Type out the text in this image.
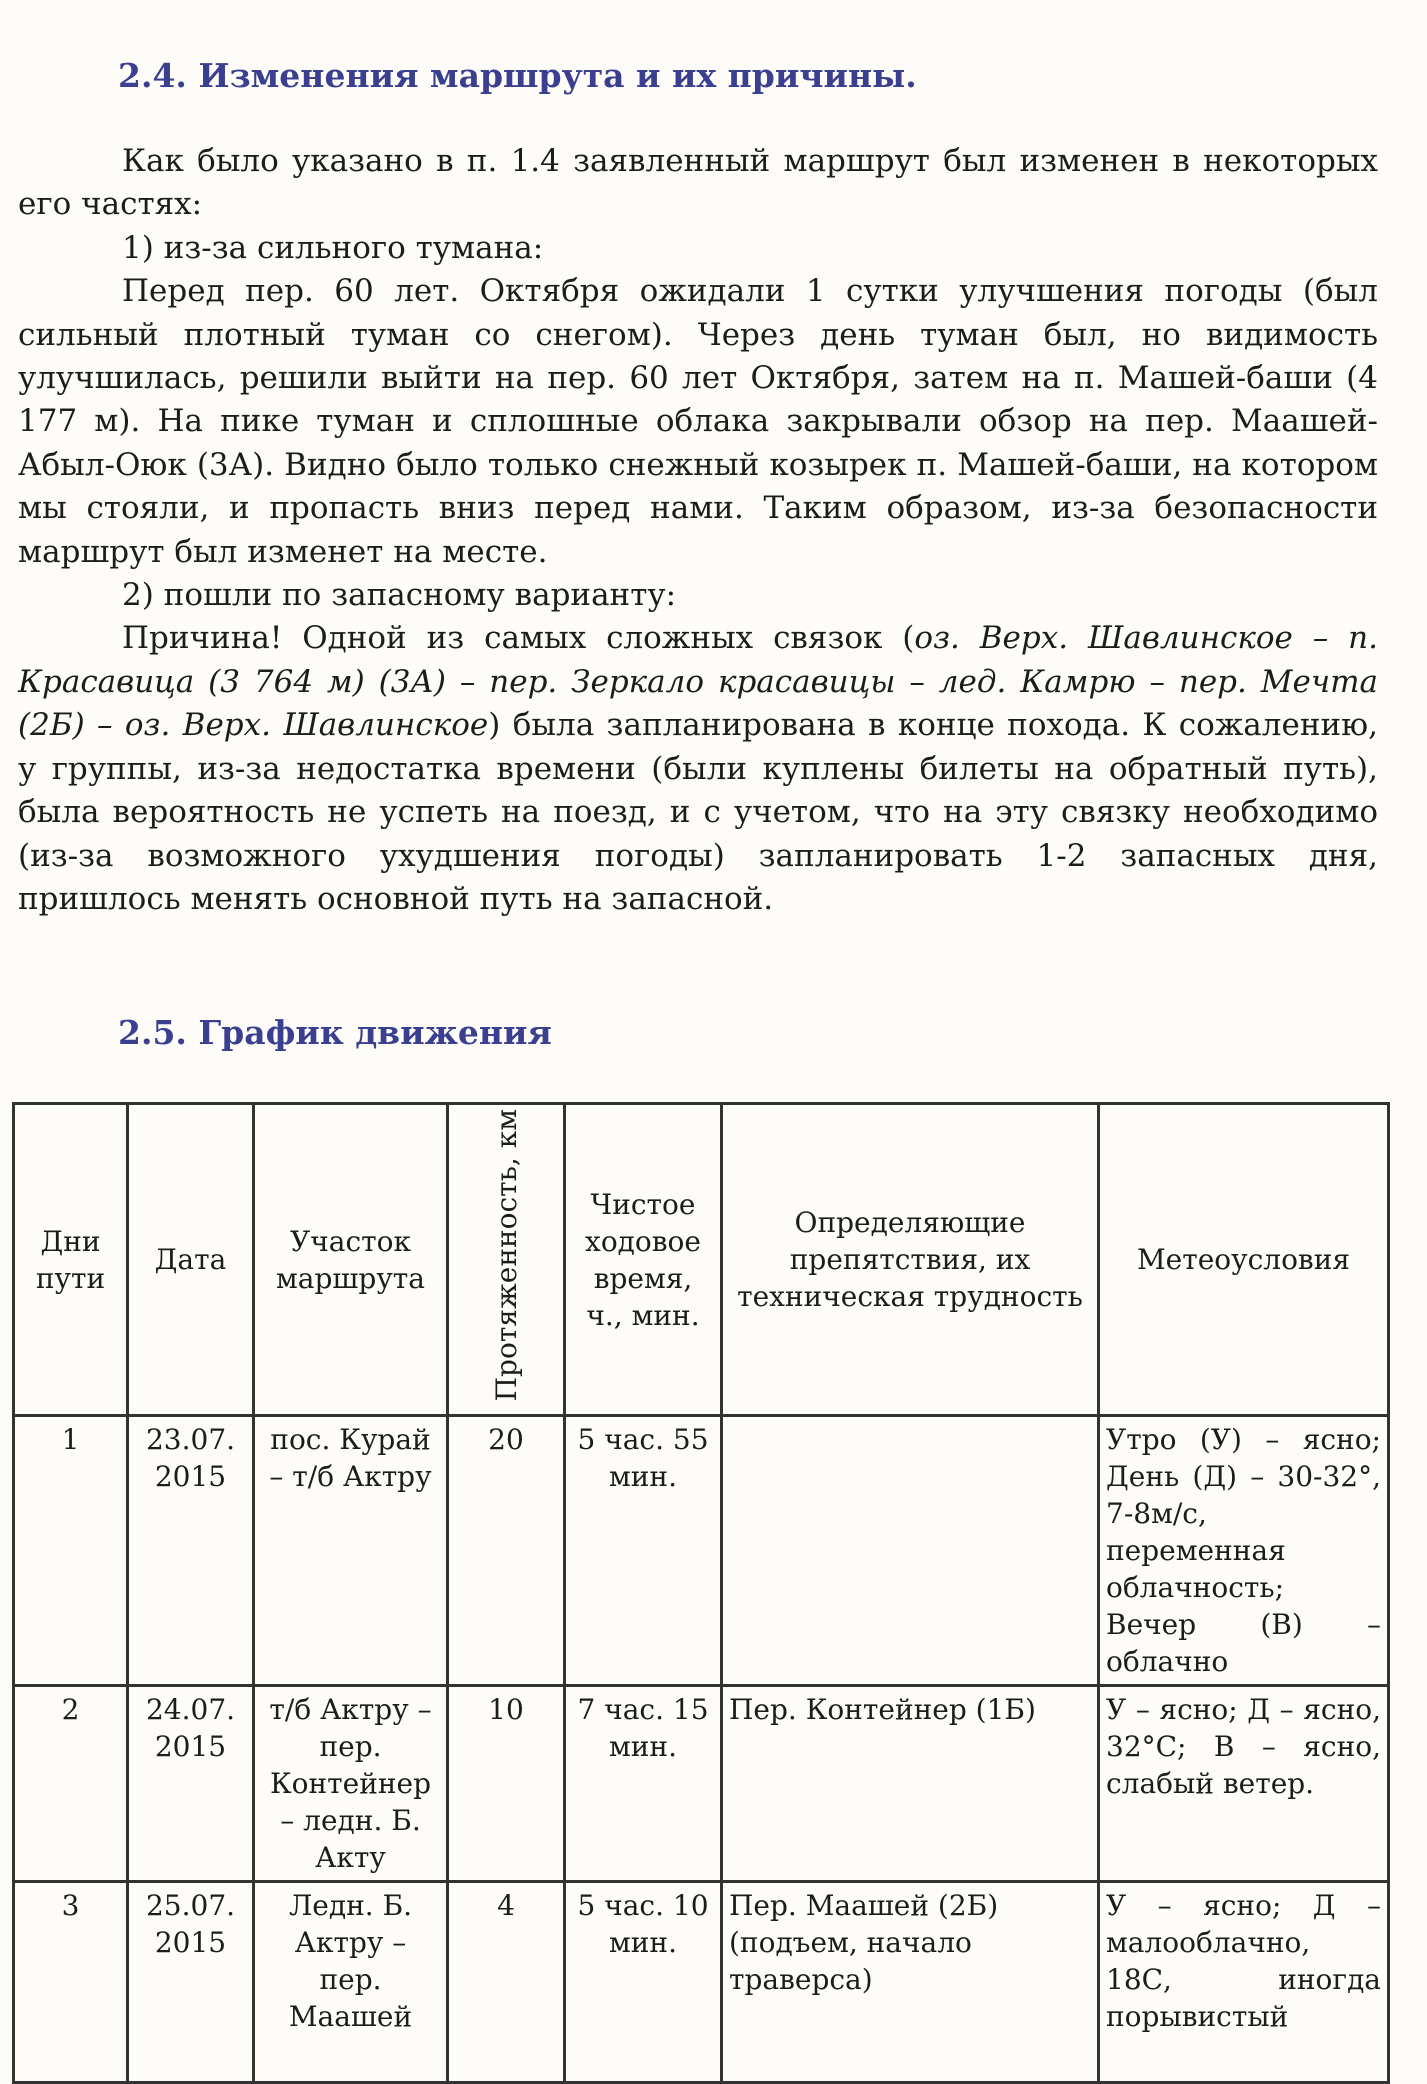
2.4. Изменения маршрута и их причины.

Как было указано в п. 1.4 заявленный маршрут был изменен в некоторых его частях:

1) из-за сильного тумана:

Перед пер. 60 лет. Октября ожидали 1 сутки улучшения погоды (был сильный плотный туман со снегом). Через день туман был, но видимость улучшилась, решили выйти на пер. 60 лет Октября, затем на п. Машей-баши (4 177 м). На пике туман и сплошные облака закрывали обзор на пер. Маашей-Абыл-Оюк (3А). Видно было только снежный козырек п. Машей-баши, на котором мы стояли, и пропасть вниз перед нами. Таким образом, из-за безопасности маршрут был изменет на месте.

2) пошли по запасному варианту:

Причина! Одной из самых сложных связок (оз. Верх. Шавлинское – п. Красавица (3 764 м) (3А) – пер. Зеркало красавицы – лед. Камрю – пер. Мечта (2Б) – оз. Верх. Шавлинское) была запланирована в конце похода. К сожалению, у группы, из-за недостатка времени (были куплены билеты на обратный путь), была вероятность не успеть на поезд, и с учетом, что на эту связку необходимо (из-за возможного ухудшения погоды) запланировать 1-2 запасных дня, пришлось менять основной путь на запасной.

2.5. График движения
Дни пути	Дата	Участок маршрута	Протяженность, км	Чистое ходовое время, ч., мин.	Определяющие препятствия, их техническая трудность	Метеоусловия
1	23.07. 2015	пос. Курай – т/б Актру	20	5 час. 55 мин.		Утро (У) – ясно; День (Д) – 30-32°, 7-8м/с, переменная облачность; Вечер (В) – облачно
2	24.07. 2015	т/б Актру – пер. Контейнер – ледн. Б. Акту	10	7 час. 15 мин.	Пер. Контейнер (1Б)	У – ясно; Д – ясно, 32°С; В – ясно, слабый ветер.
3	25.07. 2015	Ледн. Б. Актру – пер. Маашей	4	5 час. 10 мин.	Пер. Маашей (2Б) (подъем, начало траверса)	У – ясно; Д – малооблачно, 18С, иногда порывистый
